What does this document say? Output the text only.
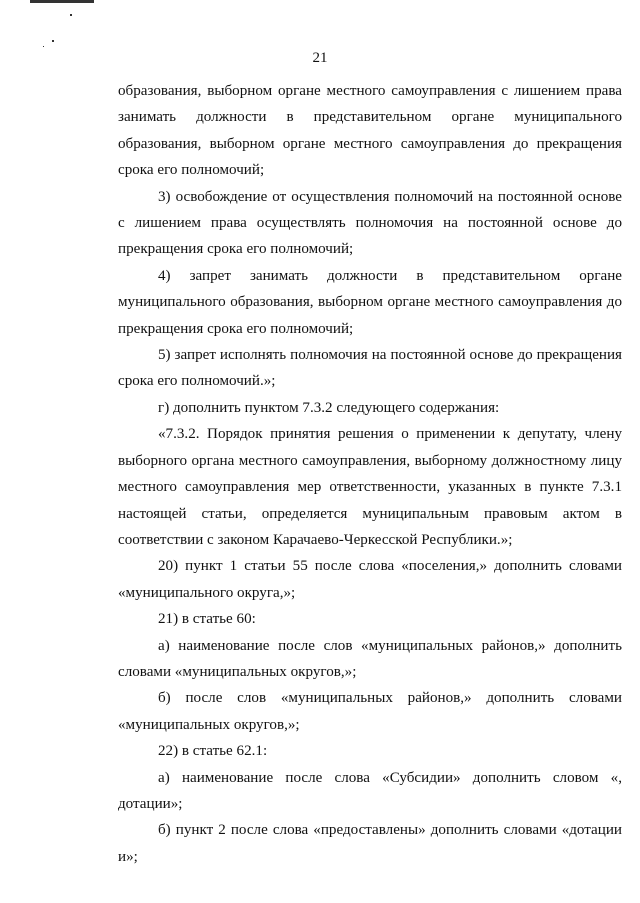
21

образования, выборном органе местного самоуправления с лишением права занимать должности в представительном органе муниципального образования, выборном органе местного самоуправления до прекращения срока его полномочий;

3) освобождение от осуществления полномочий на постоянной основе с лишением права осуществлять полномочия на постоянной основе до прекращения срока его полномочий;

4) запрет занимать должности в представительном органе муниципального образования, выборном органе местного самоуправления до прекращения срока его полномочий;

5) запрет исполнять полномочия на постоянной основе до прекращения срока его полномочий.»;

г) дополнить пунктом 7.3.2 следующего содержания:

«7.3.2. Порядок принятия решения о применении к депутату, члену выборного органа местного самоуправления, выборному должностному лицу местного самоуправления мер ответственности, указанных в пункте 7.3.1 настоящей статьи, определяется муниципальным правовым актом в соответствии с законом Карачаево-Черкесской Республики.»;

20) пункт 1 статьи 55 после слова «поселения,» дополнить словами «муниципального округа,»;

21) в статье 60:

а) наименование после слов «муниципальных районов,» дополнить словами «муниципальных округов,»;

б) после слов «муниципальных районов,» дополнить словами «муниципальных округов,»;

22) в статье 62.1:

а) наименование после слова «Субсидии» дополнить словом «, дотации»;

б) пункт 2 после слова «предоставлены» дополнить словами «дотации и»;
